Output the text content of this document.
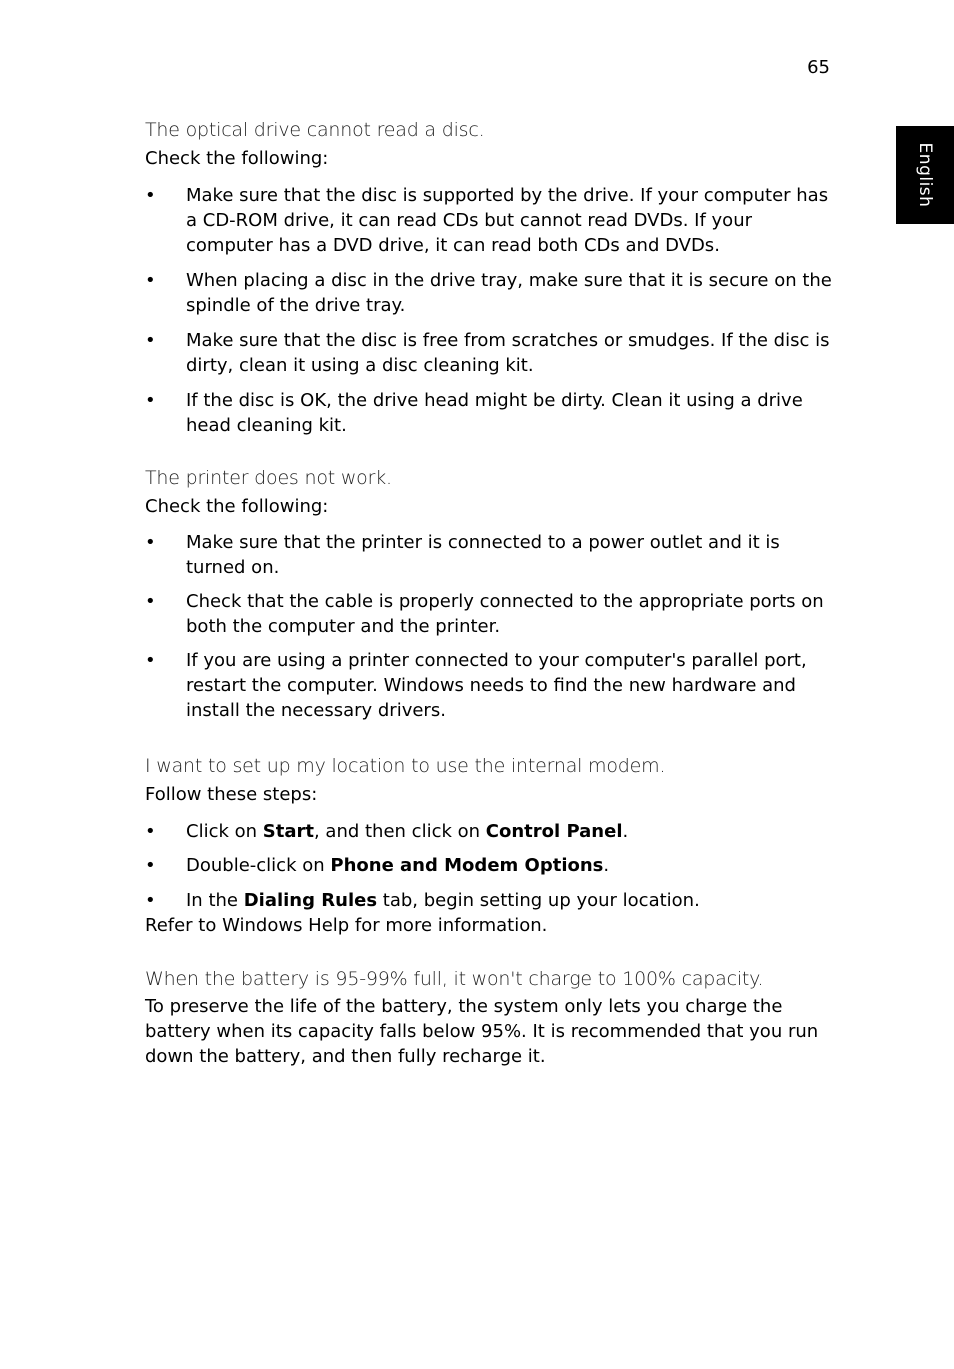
65
English
The optical drive cannot read a disc.
Check the following:
• Make sure that the disc is supported by the drive. If your computer has a CD-ROM drive, it can read CDs but cannot read DVDs. If your computer has a DVD drive, it can read both CDs and DVDs.
• When placing a disc in the drive tray, make sure that it is secure on the spindle of the drive tray.
• Make sure that the disc is free from scratches or smudges. If the disc is dirty, clean it using a disc cleaning kit.
• If the disc is OK, the drive head might be dirty. Clean it using a drive head cleaning kit.
The printer does not work.
Check the following:
• Make sure that the printer is connected to a power outlet and it is turned on.
• Check that the cable is properly connected to the appropriate ports on both the computer and the printer.
• If you are using a printer connected to your computer's parallel port, restart the computer. Windows needs to find the new hardware and install the necessary drivers.
I want to set up my location to use the internal modem.
Follow these steps:
• Click on Start, and then click on Control Panel.
• Double-click on Phone and Modem Options.
• In the Dialing Rules tab, begin setting up your location.
Refer to Windows Help for more information.
When the battery is 95-99% full, it won't charge to 100% capacity.
To preserve the life of the battery, the system only lets you charge the battery when its capacity falls below 95%. It is recommended that you run down the battery, and then fully recharge it.
